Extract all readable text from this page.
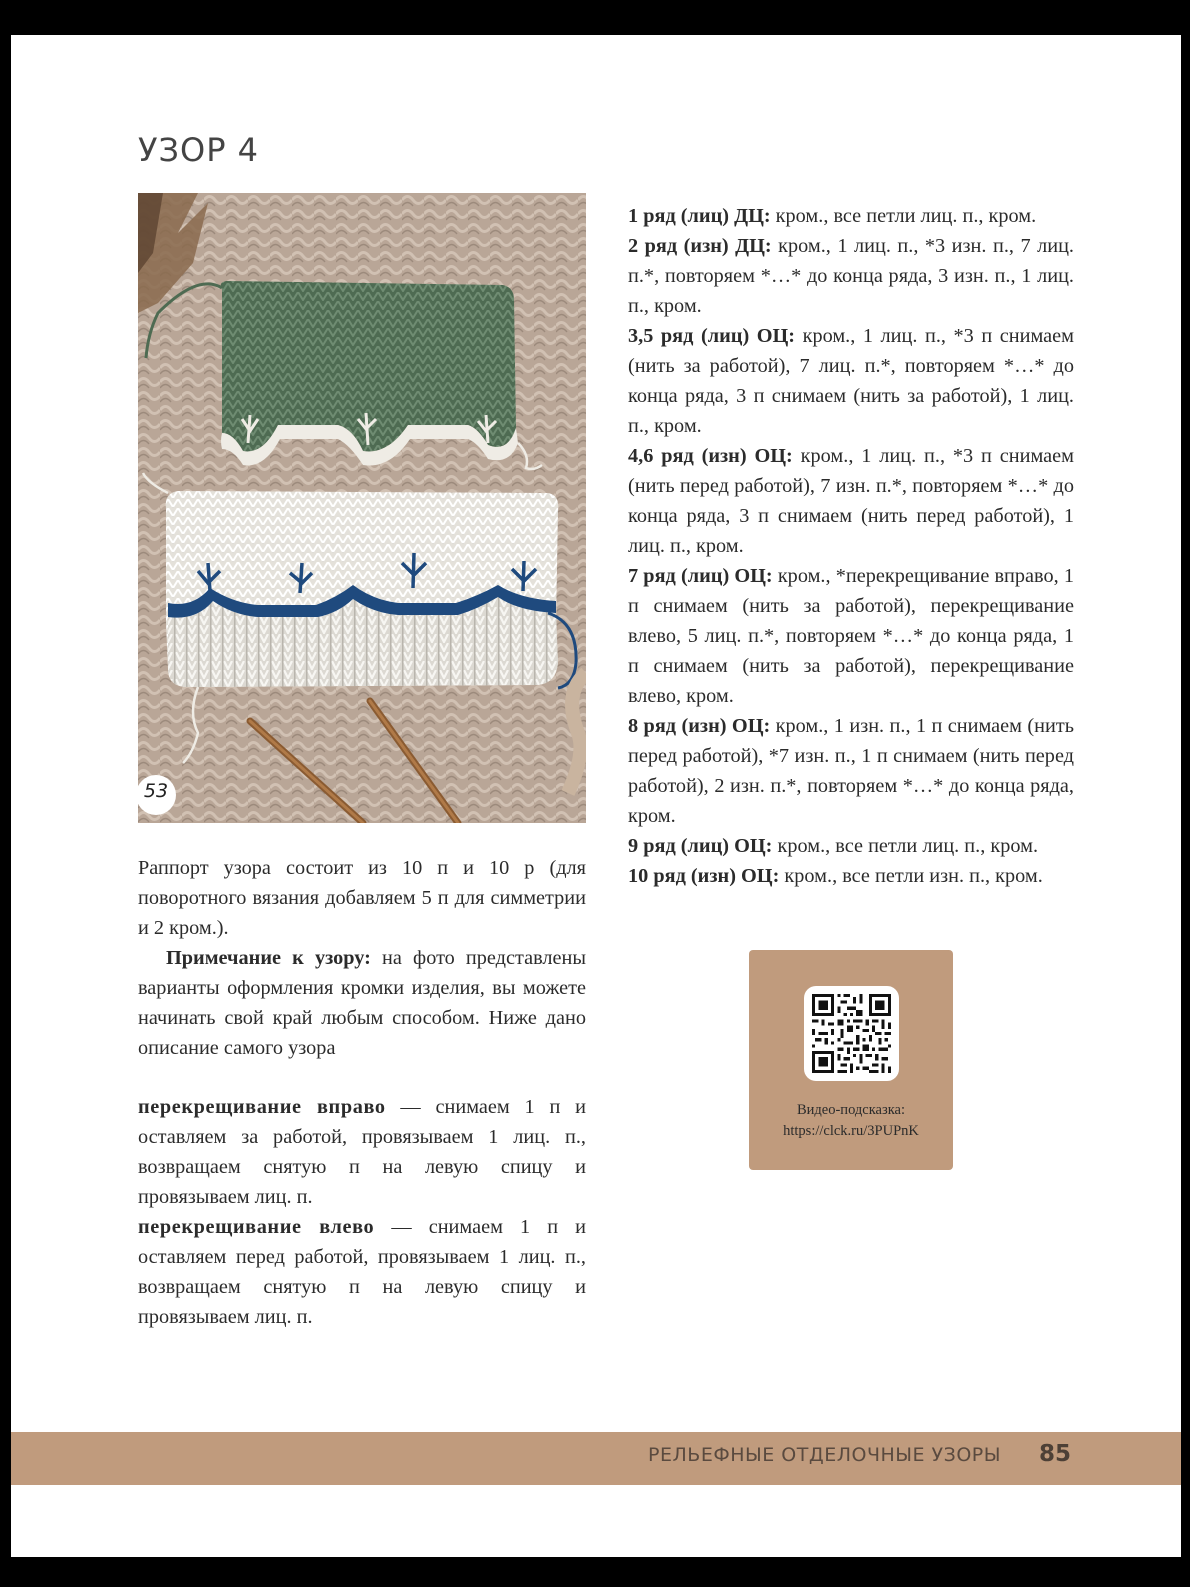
УЗОР 4
53

Раппорт узора состоит из 10 п и 10 р (для поворотного вязания добавляем 5 п для симметрии и 2 кром.).

Примечание к узору: на фото представлены варианты оформления кромки изделия, вы можете начинать свой край любым способом. Ниже дано описание самого узора

перекрещивание вправо — снимаем 1 п и оставляем за работой, провязываем 1 лиц. п., возвращаем снятую п на левую спицу и провязываем лиц. п.

перекрещивание влево — снимаем 1 п и оставляем перед работой, провязываем 1 лиц. п., возвращаем снятую п на левую спицу и провязываем лиц. п.

1 ряд (лиц) ДЦ: кром., все петли лиц. п., кром.

2 ряд (изн) ДЦ: кром., 1 лиц. п., *3 изн. п., 7 лиц. п.*, повторяем *…* до конца ряда, 3 изн. п., 1 лиц. п., кром.

3,5 ряд (лиц) ОЦ: кром., 1 лиц. п., *3 п снимаем (нить за работой), 7 лиц. п.*, повторяем *…* до конца ряда, 3 п снимаем (нить за работой), 1 лиц. п., кром.

4,6 ряд (изн) ОЦ: кром., 1 лиц. п., *3 п снимаем (нить перед работой), 7 изн. п.*, повторяем *…* до конца ряда, 3 п снимаем (нить перед работой), 1 лиц. п., кром.

7 ряд (лиц) ОЦ: кром., *перекрещивание вправо, 1 п снимаем (нить за работой), перекрещивание влево, 5 лиц. п.*, повторяем *…* до конца ряда, 1 п снимаем (нить за работой), перекрещивание влево, кром.

8 ряд (изн) ОЦ: кром., 1 изн. п., 1 п снимаем (нить перед работой), *7 изн. п., 1 п снимаем (нить перед работой), 2 изн. п.*, повторяем *…* до конца ряда, кром.

9 ряд (лиц) ОЦ: кром., все петли лиц. п., кром.

10 ряд (изн) ОЦ: кром., все петли изн. п., кром.

Видео-подсказка:
https://clck.ru/3PUPnK
РЕЛЬЕФНЫЕ ОТДЕЛОЧНЫЕ УЗОРЫ 85
